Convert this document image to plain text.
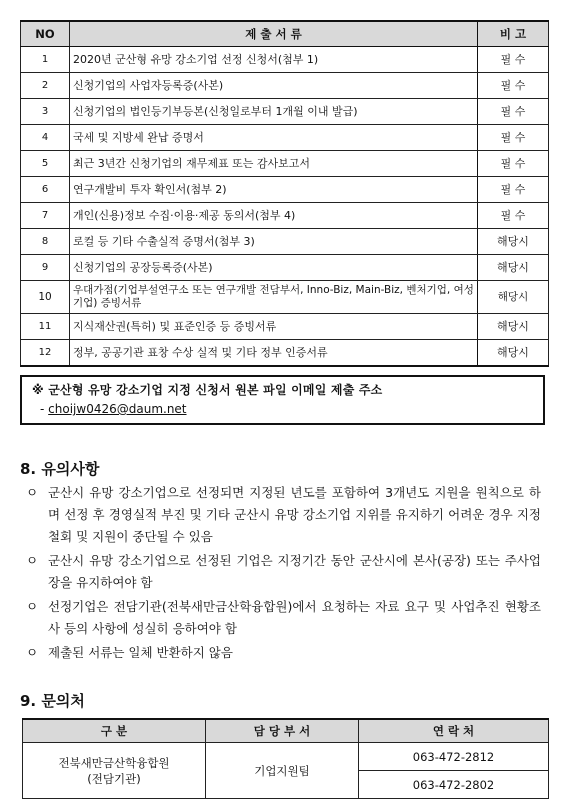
NO	제 출 서 류	비 고
1	2020년 군산형 유망 강소기업 선정 신청서(첨부 1)	필 수
2	신청기업의 사업자등록증(사본)	필 수
3	신청기업의 법인등기부등본(신청일로부터 1개월 이내 발급)	필 수
4	국세 및 지방세 완납 증명서	필 수
5	최근 3년간 신청기업의 재무제표 또는 감사보고서	필 수
6	연구개발비 투자 확인서(첨부 2)	필 수
7	개인(신용)정보 수집·이용·제공 동의서(첨부 4)	필 수
8	로컬 등 기타 수출실적 증명서(첨부 3)	해당시
9	신청기업의 공장등록증(사본)	해당시
10	우대가점(기업부설연구소 또는 연구개발 전담부서, Inno-Biz, Main-Biz, 벤처기업, 여성기업) 증빙서류	해당시
11	지식재산권(특허) 및 표준인증 등 증빙서류	해당시
12	정부, 공공기관 표창 수상 실적 및 기타 정부 인증서류	해당시
※ 군산형 유망 강소기업 지정 신청서 원본 파일 이메일 제출 주소
- choijw0426@daum.net
8. 유의사항
ㅇ 군산시 유망 강소기업으로 선정되면 지정된 년도를 포함하여 3개년도 지원을 원칙으로 하며 선정 후 경영실적 부진 및 기타 군산시 유망 강소기업 지위를 유지하기 어려운 경우 지정 철회 및 지원이 중단될 수 있음
ㅇ 군산시 유망 강소기업으로 선정된 기업은 지정기간 동안 군산시에 본사(공장) 또는 주사업장을 유지하여야 함
ㅇ 선정기업은 전담기관(전북새만금산학융합원)에서 요청하는 자료 요구 및 사업추진 현황조사 등의 사항에 성실히 응하여야 함
ㅇ 제출된 서류는 일체 반환하지 않음
9. 문의처
구 분	담 당 부 서	연 락 처

전북새만금산학융합원
(전담기관)	기업지원팀	063-472-2812
		063-472-2802
